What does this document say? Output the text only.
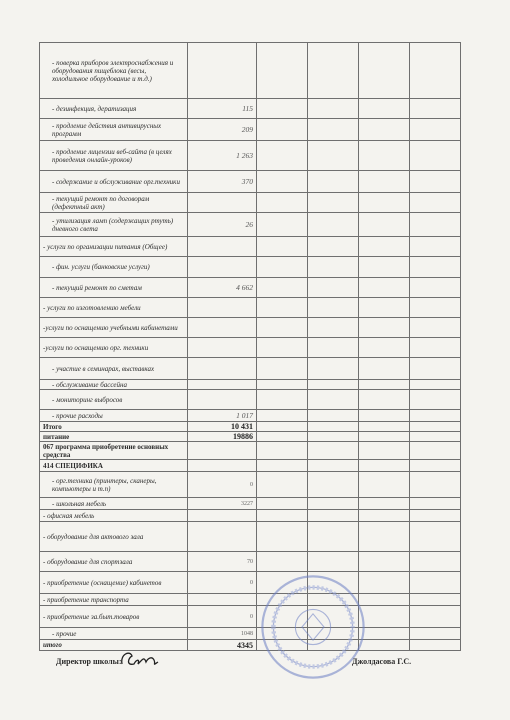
- поверка приборов электроснабжения и оборудования пищеблока (весы, холодильное оборудование и т.д.)					
- дезинфекция, дератизация	115				
- продление действия антивирусных программ	209				
- продление лицензии веб-сайта (в целях проведения онлайн-уроков)	1 263				
- содержание и обслуживание орг.техники	370				
- текущий ремонт по договорам (дефектный акт)					
- утилизация ламп (содержащих ртуть) дневного света	26				
- услуги по организации питания (Общее)					
- фин. услуги (банковские услуги)					
- текущий ремонт по сметам	4 662				
- услуги по изготовлению мебели					
-услуги по оснащению учебными кабинетами					
-услуги по оснащению орг. техники					
- участие в семинарах, выставках					
- обслуживание бассейна					
- мониторинг выбросов					
- прочие расходы	1 017				
Итого	10 431				
питание	19886				
067 программа приобретение основных средства					
414 СПЕЦИФИКА					
- орг.техника (принтеры, сканеры, компьютеры и т.п)	0				
- школьная мебель	3227				
- офисная мебель					
- оборудование для актового зала					
- оборудование для спортзала	70				
- приобретение (оснащение) кабинетов	0				
- приобретение транспорта					
- приобретение за.быт.товаров	0				
- прочие	1048				
итого	4345				
Директор школы:	Джолдасова Г.С.
